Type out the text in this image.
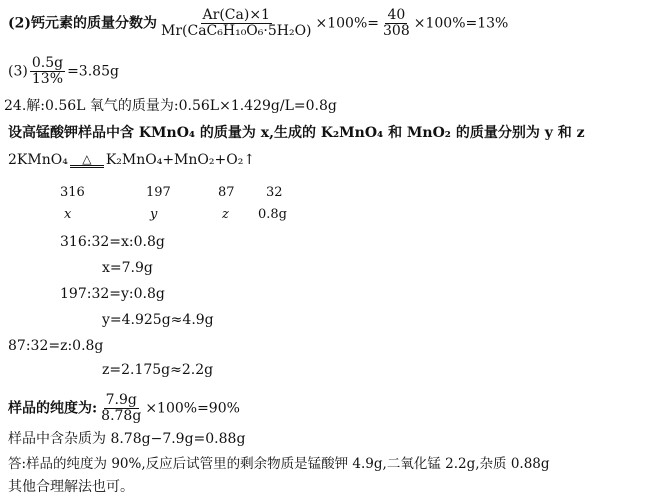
(2)钙元素的质量分数为 $\frac{Ar(Ca)\times 1}{\text{Mr(CaC₆H₁₀O₆·5H₂O)}} \times 100\%= \frac{40}{308} \times 100\%=13\%$
$(3) \frac{0.5g}{13\%} =3.85g$
24.解:0.56L 氧气的质量为:0.56L×1.429g/L=0.8g
设高锰酸钾样品中含 KMnO₄ 的质量为 x,生成的 K₂MnO₄ 和 MnO₂ 的质量分别为 y 和 z
2KMnO₄ △ K₂MnO₄+MnO₂+O₂↑
316	197	87 32
x	y	z 0.8g
316:32=x:0.8g
x=7.9g
197:32=y:0.8g
y=4.925g≈4.9g
87:32=z:0.8g
z=2.175g≈2.2g
样品的纯度为: $\frac{7.9g}{8.78g} \times 100\%=90\%$
样品中含杂质为 8.78g−7.9g=0.88g
答:样品的纯度为 90%,反应后试管里的剩余物质是锰酸钾 4.9g,二氧化锰 2.2g,杂质 0.88g
其他合理解法也可。
